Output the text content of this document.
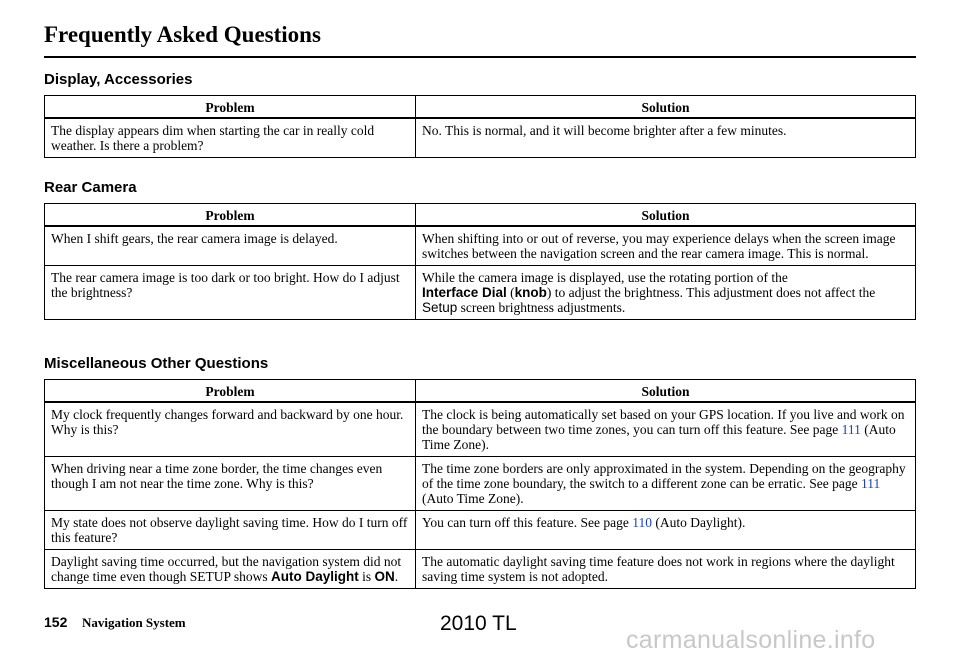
Frequently Asked Questions
Display, Accessories
Problem	Solution
The display appears dim when starting the car in really cold weather. Is there a problem?	No. This is normal, and it will become brighter after a few minutes.
Rear Camera
Problem	Solution
When I shift gears, the rear camera image is delayed.	When shifting into or out of reverse, you may experience delays when the screen image switches between the navigation screen and the rear camera image. This is normal.
The rear camera image is too dark or too bright. How do I adjust the brightness?	While the camera image is displayed, use the rotating portion of the
Interface Dial (knob) to adjust the brightness. This adjustment does not affect the Setup screen brightness adjustments.
Miscellaneous Other Questions
Problem	Solution
My clock frequently changes forward and backward by one hour. Why is this?	The clock is being automatically set based on your GPS location. If you live and work on the boundary between two time zones, you can turn off this feature. See page 111 (Auto Time Zone).
When driving near a time zone border, the time changes even though I am not near the time zone. Why is this?	The time zone borders are only approximated in the system. Depending on the geography of the time zone boundary, the switch to a different zone can be erratic. See page 111 (Auto Time Zone).
My state does not observe daylight saving time. How do I turn off this feature?	You can turn off this feature. See page 110 (Auto Daylight).
Daylight saving time occurred, but the navigation system did not change time even though SETUP shows Auto Daylight is ON.	The automatic daylight saving time feature does not work in regions where the daylight saving time system is not adopted.
152 Navigation System	2010 TL
carmanualsonline.info
